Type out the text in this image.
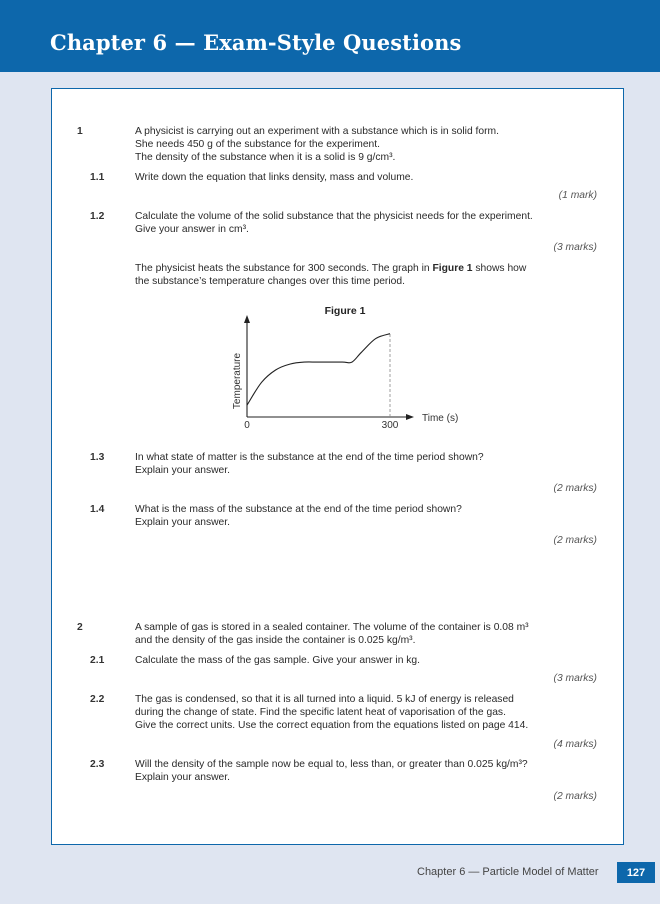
Chapter 6 — Exam-Style Questions

1	A physicist is carrying out an experiment with a substance which is in solid form.

She needs 450 g of the substance for the experiment.

The density of the substance when it is a solid is 9 g/cm³.

1.1	Write down the equation that links density, mass and volume.

(1 mark)

1.2	Calculate the volume of the solid substance that the physicist needs for the experiment.

Give your answer in cm³.

(3 marks)

The physicist heats the substance for 300 seconds. The graph in Figure 1 shows how

the substance’s temperature changes over this time period.

Figure 1
Temperature
0	300
Time (s)

1.3	In what state of matter is the substance at the end of the time period shown?

Explain your answer.

(2 marks)

1.4	What is the mass of the substance at the end of the time period shown?

Explain your answer.

(2 marks)

2	A sample of gas is stored in a sealed container. The volume of the container is 0.08 m³

and the density of the gas inside the container is 0.025 kg/m³.

2.1	Calculate the mass of the gas sample. Give your answer in kg.

(3 marks)

2.2	The gas is condensed, so that it is all turned into a liquid. 5 kJ of energy is released

during the change of state. Find the specific latent heat of vaporisation of the gas.

Give the correct units. Use the correct equation from the equations listed on page 414.

(4 marks)

2.3	Will the density of the sample now be equal to, less than, or greater than 0.025 kg/m³?

Explain your answer.

(2 marks)
Chapter 6 — Particle Model of Matter	127
